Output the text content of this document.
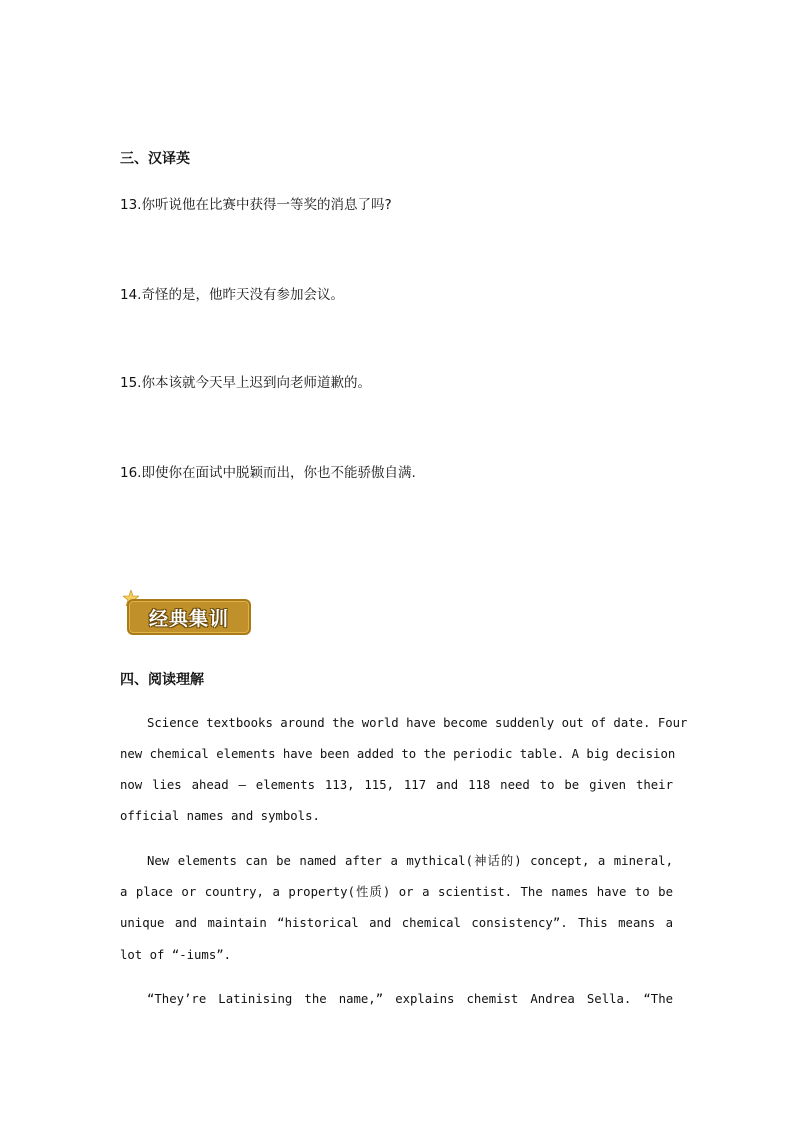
三、汉译英
13.你听说他在比赛中获得一等奖的消息了吗?
14.奇怪的是，他昨天没有参加会议。
15.你本该就今天早上迟到向老师道歉的。
16.即使你在面试中脱颖而出，你也不能骄傲自满.
经典集训
四、阅读理解
Science textbooks around the world have become suddenly out of date. Four
new chemical elements have been added to the periodic table. A big decision
now lies ahead — elements 113, 115, 117 and 118 need to be given their
official names and symbols.
New elements can be named after a mythical(神话的) concept, a mineral,
a place or country, a property(性质) or a scientist. The names have to be
unique and maintain “historical and chemical consistency”. This means a
lot of “-iums”.
“They’re Latinising the name,” explains chemist Andrea Sella. “The
